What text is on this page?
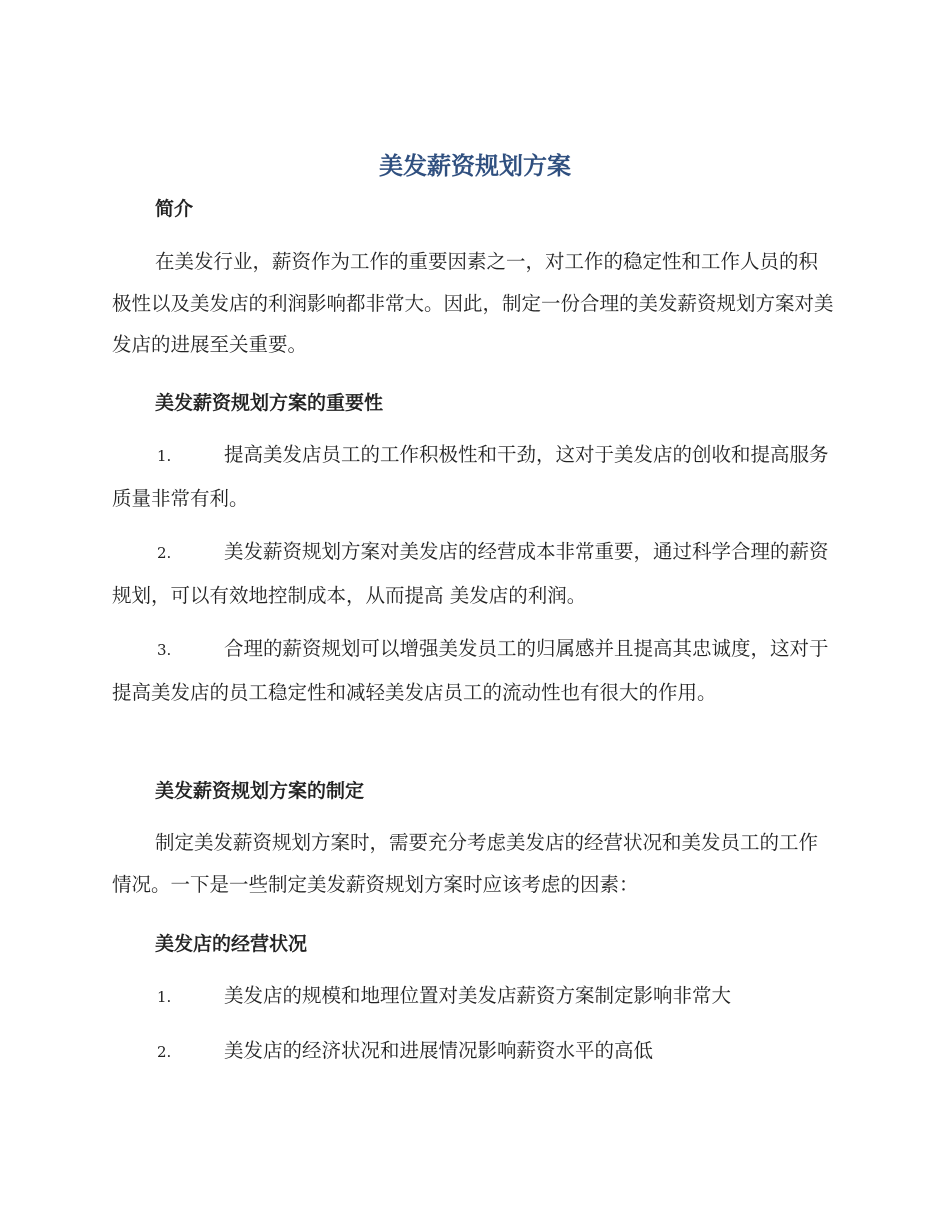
美发薪资规划方案
简介

在美发行业，薪资作为工作的重要因素之一，对工作的稳定性和工作人员的积极性以及美发店的利润影响都非常大。因此，制定一份合理的美发薪资规划方案对美发店的进展至关重要。

美发薪资规划方案的重要性

1.	提高美发店员工的工作积极性和干劲，这对于美发店的创收和提高服务质量非常有利。

2.	美发薪资规划方案对美发店的经营成本非常重要，通过科学合理的薪资规划，可以有效地控制成本，从而提高 美发店的利润。

3.	合理的薪资规划可以增强美发员工的归属感并且提高其忠诚度，这对于提高美发店的员工稳定性和减轻美发店员工的流动性也有很大的作用。

美发薪资规划方案的制定

制定美发薪资规划方案时，需要充分考虑美发店的经营状况和美发员工的工作情况。一下是一些制定美发薪资规划方案时应该考虑的因素：

美发店的经营状况

1.	美发店的规模和地理位置对美发店薪资方案制定影响非常大

2.	美发店的经济状况和进展情况影响薪资水平的高低
